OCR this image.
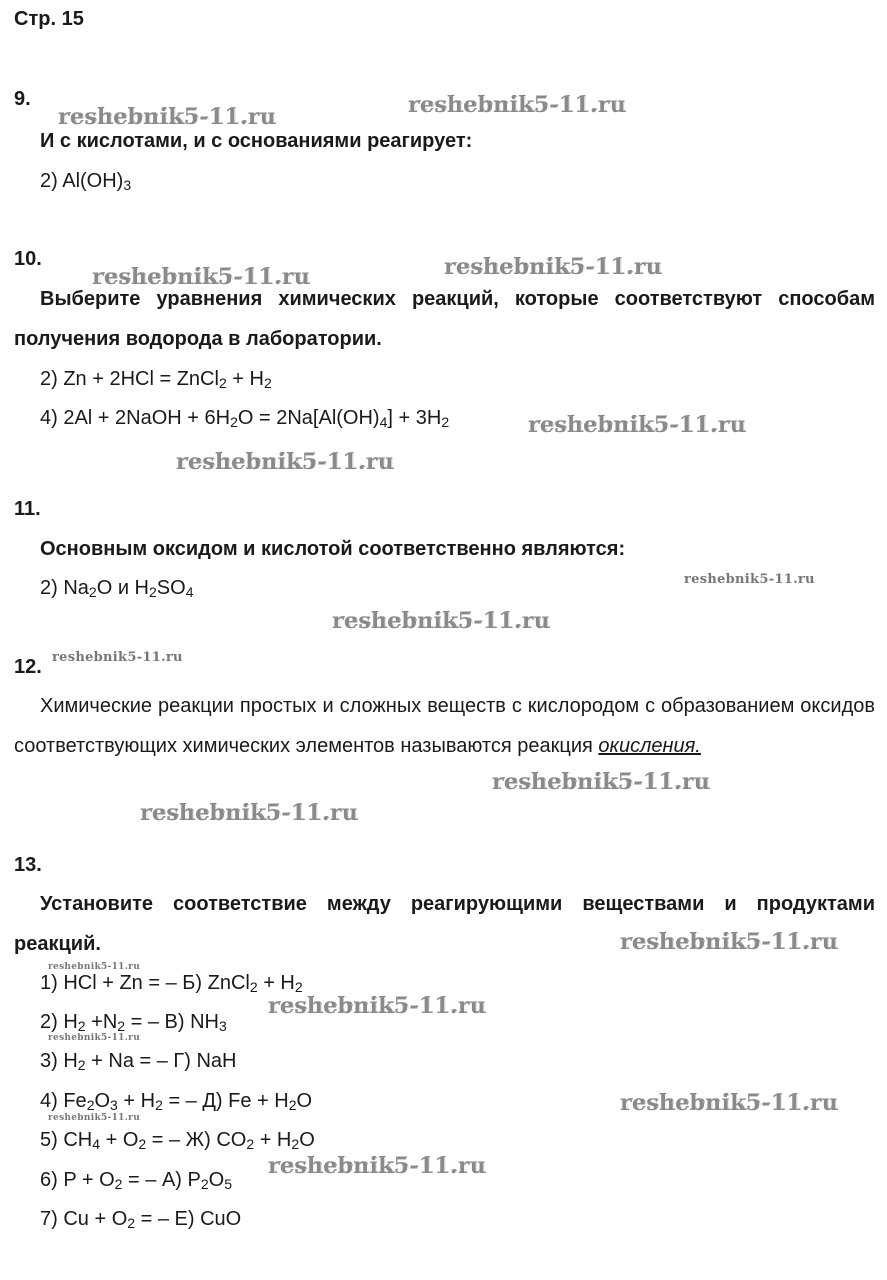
Стр. 15
9.
И с кислотами, и с основаниями реагирует:
2) $Al(OH)_3$
10.
Выберите уравнения химических реакций, которые соответствуют способам получения водорода в лаборатории.
2) Zn + 2HCl = ZnCl$_2$ + $H_2$
4) 2Al + 2NaOH + $6H_2O = 2Na[Al(OH)_4] + 3H_2$
11.
Основным оксидом и кислотой соответственно являются:
2) $Na_2O$ и $H_2SO_4$
12.
Химические реакции простых и сложных веществ с кислородом с образованием оксидов соответствующих химических элементов называются реакция окисления.
13.
Установите соответствие между реагирующими веществами и продуктами реакций.
1) HCl + Zn = – Б) ZnCl$_2$ + $H_2$
2) $H_2 +N_2$ = – В) $NH_3$
3) $H_2 + Na$ = – Г) NaH
4) $Fe_2O_3 + H_2$ = – Д) $Fe + H_2O$
5) $CH_4 + O_2$ = – Ж) $CO_2 + H_2O$
6) $P + O_2$ = – А) $P_2O_5$
7) $Cu + O_2$ = – Е) CuO
reshebnik5-11.ru	reshebnik5-11.ru
reshebnik5-11.ru	reshebnik5-11.ru
reshebnik5-11.ru
reshebnik5-11.ru
reshebnik5-11.ru
reshebnik5-11.ru
reshebnik5-11.ru
reshebnik5-11.ru
reshebnik5-11.ru
reshebnik5-11.ru
reshebnik5-11.ru
reshebnik5-11.ru
reshebnik5-11.ru
reshebnik5-11.ru
reshebnik5-11.ru
reshebnik5-11.ru
